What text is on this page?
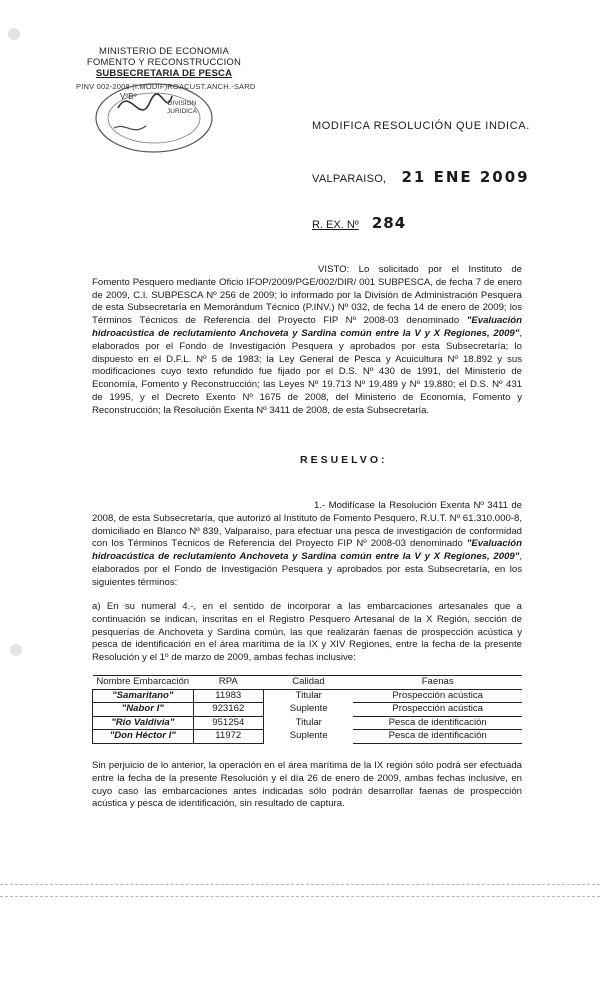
MINISTERIO DE ECONOMIA
FOMENTO Y RECONSTRUCCION
SUBSECRETARIA DE PESCA
PINV 002-2008 (I.MODIF)ROACUST.ANCH.-SARD
VºBº
DIVISION JURIDICA
MODIFICA RESOLUCIÓN QUE INDICA.
VALPARAISO, 21 ENE 2009
R. EX. Nº 284

VISTO: Lo solicitado por el Instituto de Fomento Pesquero mediante Oficio IFOP/2009/PGE/002/DIR/ 001 SUBPESCA, de fecha 7 de enero de 2009, C.I. SUBPESCA Nº 256 de 2009; lo informado por la División de Administración Pesquera de esta Subsecretaría en Memorándum Técnico (P.INV.) Nº 032, de fecha 14 de enero de 2009; los Términos Técnicos de Referencia del Proyecto FIP Nº 2008-03 denominado "Evaluación hidroacústica de reclutamiento Anchoveta y Sardina común entre la V y X Regiones, 2009", elaborados por el Fondo de Investigación Pesquera y aprobados por esta Subsecretaría; lo dispuesto en el D.F.L. Nº 5 de 1983; la Ley General de Pesca y Acuicultura Nº 18.892 y sus modificaciones cuyo texto refundido fue fijado por el D.S. Nº 430 de 1991, del Ministerio de Economía, Fomento y Reconstrucción; las Leyes Nº 19.713 Nº 19.489 y Nº 19.880; el D.S. Nº 431 de 1995, y el Decreto Exento Nº 1675 de 2008, del Ministerio de Economía, Fomento y Reconstrucción; la Resolución Exenta Nº 3411 de 2008, de esta Subsecretaría.

RESUELVO:

1.- Modifícase la Resolución Exenta Nº 3411 de 2008, de esta Subsecretaría, que autorizó al Instituto de Fomento Pesquero, R.U.T. Nº 61.310.000-8, domiciliado en Blanco Nº 839, Valparaíso, para efectuar una pesca de investigación de conformidad con los Términos Técnicos de Referencia del Proyecto FIP Nº 2008-03 denominado "Evaluación hidroacústica de reclutamiento Anchoveta y Sardina común entre la V y X Regiones, 2009", elaborados por el Fondo de Investigación Pesquera y aprobados por esta Subsecretaría, en los siguientes términos:

a) En su numeral 4.-, en el sentido de incorporar a las embarcaciones artesanales que a continuación se indican, inscritas en el Registro Pesquero Artesanal de la X Región, sección de pesquerías de Anchoveta y Sardina común, las que realizarán faenas de prospección acústica y pesca de identificación en el área marítima de la IX y XIV Regiones, entre la fecha de la presente Resolución y el 1º de marzo de 2009, ambas fechas inclusive:

Nombre Embarcación	RPA	Calidad	Faenas
"Samaritano"	11983	Titular	Prospección acústica
"Nabor I"	923162	Suplente	Prospección acústica
"Río Valdivia"	951254	Titular	Pesca de identificación
"Don Héctor I"	11972	Suplente	Pesca de identificación

Sin perjuicio de lo anterior, la operación en el área marítima de la IX región sólo podrá ser efectuada entre la fecha de la presente Resolución y el día 26 de enero de 2009, ambas fechas inclusive, en cuyo caso las embarcaciones antes indicadas sólo podrán desarrollar faenas de prospección acústica y pesca de identificación, sin resultado de captura.
